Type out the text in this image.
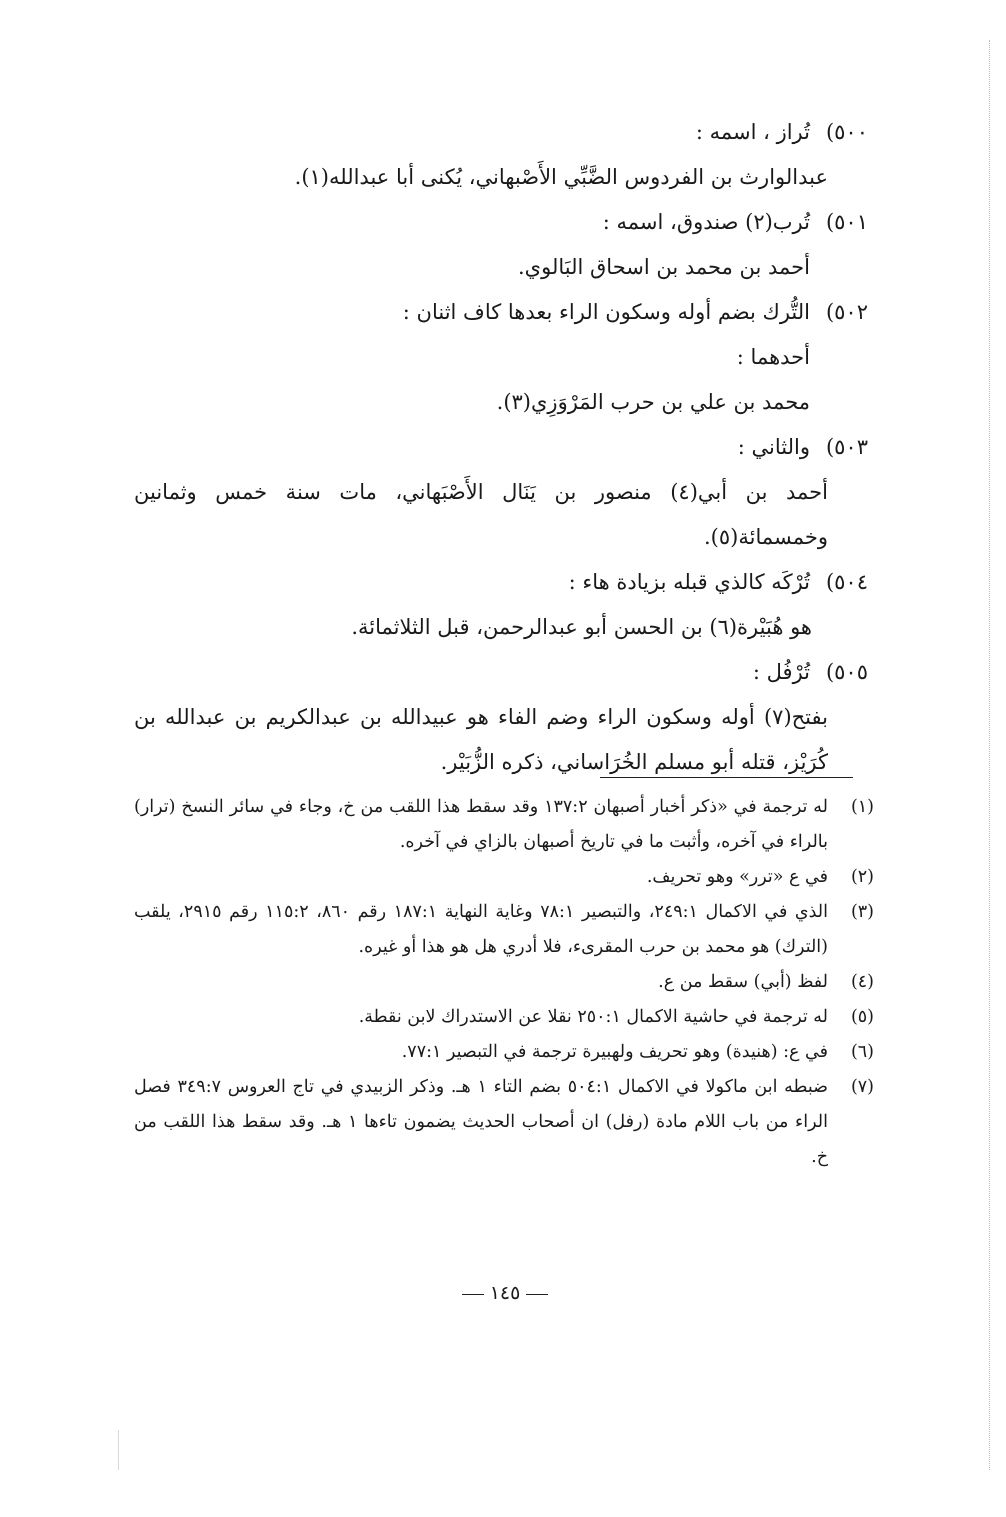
٥٠٠)
تُراز ، اسمه :
عبدالوارث بن الفردوس الضَّبِّي الأَصْبهاني، يُكنى أبا عبدالله(١).
٥٠١)
تُرب(٢) صندوق، اسمه :
أحمد بن محمد بن اسحاق البَالوي.
٥٠٢)
التُّرك بضم أوله وسكون الراء بعدها كاف اثنان :
أحدهما :
محمد بن علي بن حرب المَرْوَزِي(٣).
٥٠٣)
والثاني :
أحمد بن أبي(٤) منصور بن يَنَال الأَصْبَهاني، مات سنة خمس وثمانين وخمسمائة(٥).
٥٠٤)
تُرْكَه كالذي قبله بزيادة هاء :
هو هُبَيْرة(٦) بن الحسن أبو عبدالرحمن، قبل الثلاثمائة.
٥٠٥)
تُرْفُل :
بفتح(٧) أوله وسكون الراء وضم الفاء هو عبيدالله بن عبدالكريم بن عبدالله بن كُرَيْز، قتله أبو مسلم الخُرَاساني، ذكره الزُّبَيْر.
(١)
له ترجمة في «ذكر أخبار أصبهان ١٣٧:٢ وقد سقط هذا اللقب من خ، وجاء في سائر النسخ (ترار) بالراء في آخره، وأثبت ما في تاريخ أصبهان بالزاي في آخره.
(٢)
في ع «ترر» وهو تحريف.
(٣)
الذي في الاكمال ٢٤٩:١، والتبصير ٧٨:١ وغاية النهاية ١٨٧:١ رقم ٨٦٠، ١١٥:٢ رقم ٢٩١٥، يلقب (الترك) هو محمد بن حرب المقرىء، فلا أدري هل هو هذا أو غيره.
(٤)
لفظ (أبي) سقط من ع.
(٥)
له ترجمة في حاشية الاكمال ٢٥٠:١ نقلا عن الاستدراك لابن نقطة.
(٦)
في ع: (هنيدة) وهو تحريف ولهبيرة ترجمة في التبصير ٧٧:١.
(٧)
ضبطه ابن ماكولا في الاكمال ٥٠٤:١ بضم التاء ١ هـ. وذكر الزبيدي في تاج العروس ٣٤٩:٧ فصل الراء من باب اللام مادة (رفل) ان أصحاب الحديث يضمون تاءها ١ هـ. وقد سقط هذا اللقب من خ.
١٤٥
